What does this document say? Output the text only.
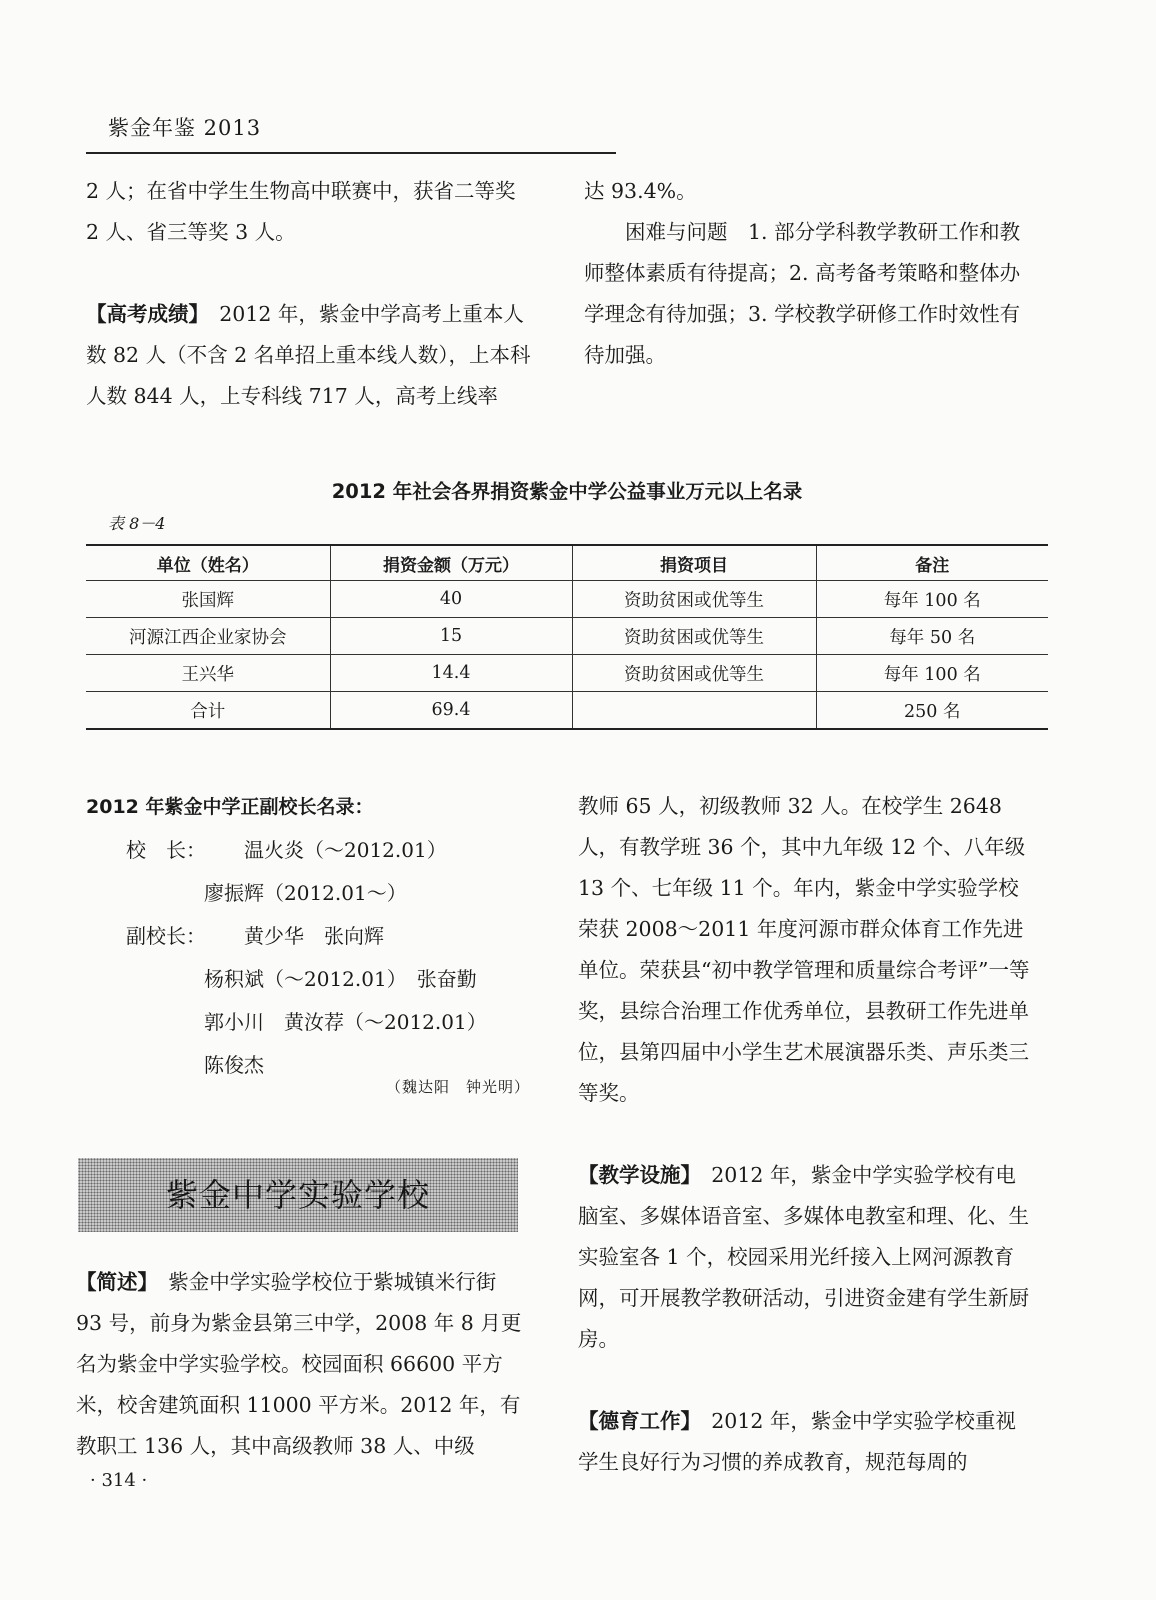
紫金年鉴 2013

2 人；在省中学生生物高中联赛中，获省二等奖 2 人、省三等奖 3 人。

【高考成绩】　 2012 年，紫金中学高考上重本人数 82 人（不含 2 名单招上重本线人数），上本科人数 844 人，上专科线 717 人，高考上线率

达 93.4%。

困难与问题　 1. 部分学科教学教研工作和教师整体素质有待提高；2. 高考备考策略和整体办学理念有待加强；3. 学校教学研修工作时效性有待加强。

2012 年社会各界捐资紫金中学公益事业万元以上名录
表 8－4
单位（姓名）	捐资金额（万元）	捐资项目	备注
张国辉	40	资助贫困或优等生	每年 100 名
河源江西企业家协会	15	资助贫困或优等生	每年 50 名
王兴华	14.4	资助贫困或优等生	每年 100 名
合计	69.4		250 名
2012 年紫金中学正副校长名录：
校　长：	温火炎（～2012.01）
廖振辉（2012.01～）
副校长：	黄少华　张向辉
杨积斌（～2012.01）　张奋勤
郭小川　黄汝荐（～2012.01）
陈俊杰
（魏达阳　钟光明）

教师 65 人，初级教师 32 人。在校学生 2648 人，有教学班 36 个，其中九年级 12 个、八年级 13 个、七年级 11 个。年内，紫金中学实验学校荣获 2008～2011 年度河源市群众体育工作先进单位。荣获县“初中教学管理和质量综合考评”一等奖，县综合治理工作优秀单位，县教研工作先进单位，县第四届中小学生艺术展演器乐类、声乐类三等奖。

【教学设施】　 2012 年，紫金中学实验学校有电脑室、多媒体语音室、多媒体电教室和理、化、生实验室各 1 个，校园采用光纤接入上网河源教育网，可开展教学教研活动，引进资金建有学生新厨房。

【德育工作】　 2012 年，紫金中学实验学校重视学生良好行为习惯的养成教育，规范每周的

紫金中学实验学校

【简述】　 紫金中学实验学校位于紫城镇米行街 93 号，前身为紫金县第三中学，2008 年 8 月更名为紫金中学实验学校。校园面积 66600 平方米，校舍建筑面积 11000 平方米。2012 年，有教职工 136 人，其中高级教师 38 人、中级

· 314 ·
